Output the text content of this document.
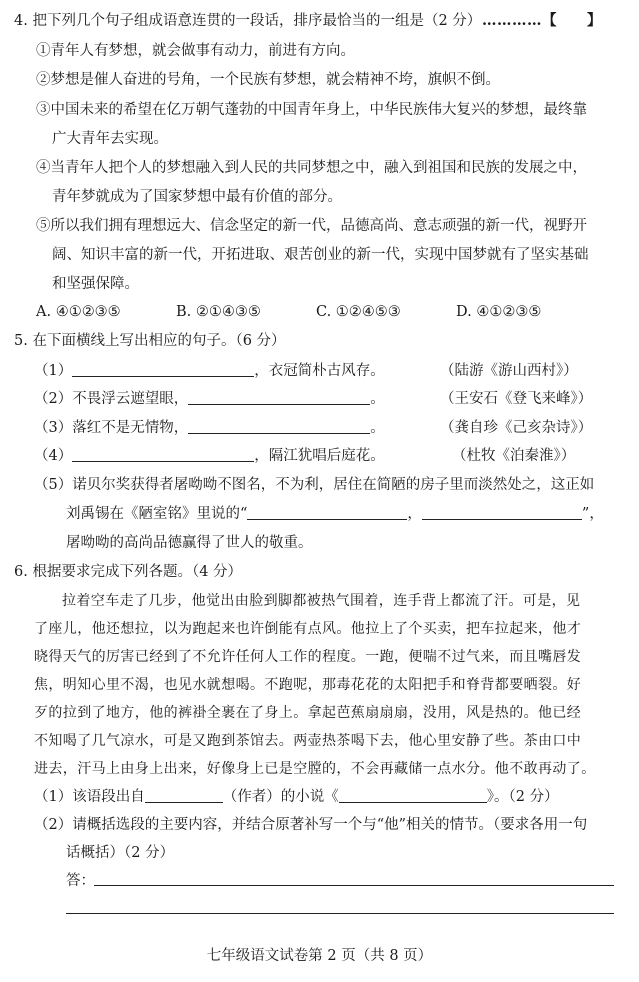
4. 把下列几个句子组成语意连贯的一段话，排序最恰当的一组是（2 分） …………【　　】
①青年人有梦想，就会做事有动力，前进有方向。
②梦想是催人奋进的号角，一个民族有梦想，就会精神不垮，旗帜不倒。
③中国未来的希望在亿万朝气蓬勃的中国青年身上，中华民族伟大复兴的梦想，最终靠
广大青年去实现。
④当青年人把个人的梦想融入到人民的共同梦想之中，融入到祖国和民族的发展之中，
青年梦就成为了国家梦想中最有价值的部分。
⑤所以我们拥有理想远大、信念坚定的新一代，品德高尚、意志顽强的新一代，视野开
阔、知识丰富的新一代，开拓进取、艰苦创业的新一代，实现中国梦就有了坚实基础
和坚强保障。
A. ④①②③⑤	B. ②①④③⑤	C. ①②④⑤③	D. ④①②③⑤
5. 在下面横线上写出相应的句子。（6 分）
（1）	，衣冠简朴古风存。	（陆游《游山西村》）
（2）不畏浮云遮望眼，	。	（王安石《登飞来峰》）
（3）落红不是无情物，	。	（龚自珍《己亥杂诗》）
（4）	，隔江犹唱后庭花。	（杜牧《泊秦淮》）
（5）诺贝尔奖获得者屠呦呦不图名，不为利，居住在简陋的房子里而淡然处之，这正如
刘禹锡在《陋室铭》里说的“	，	”，
屠呦呦的高尚品德赢得了世人的敬重。
6. 根据要求完成下列各题。（4 分）
拉着空车走了几步，他觉出由脸到脚都被热气围着，连手背上都流了汗。可是，见
了座儿，他还想拉，以为跑起来也许倒能有点风。他拉上了个买卖，把车拉起来，他才
晓得天气的厉害已经到了不允许任何人工作的程度。一跑，便喘不过气来，而且嘴唇发
焦，明知心里不渴，也见水就想喝。不跑呢，那毒花花的太阳把手和脊背都要晒裂。好
歹的拉到了地方，他的裤褂全裹在了身上。拿起芭蕉扇扇扇，没用，风是热的。他已经
不知喝了几气凉水，可是又跑到茶馆去。两壶热茶喝下去，他心里安静了些。茶由口中
进去，汗马上由身上出来，好像身上已是空膛的，不会再藏储一点水分。他不敢再动了。
（1）该语段出自	（作者）的小说《	》。（2 分）
（2）请概括选段的主要内容，并结合原著补写一个与“他”相关的情节。（要求各用一句
话概括）（2 分）
答：
七年级语文试卷第 2 页（共 8 页）
